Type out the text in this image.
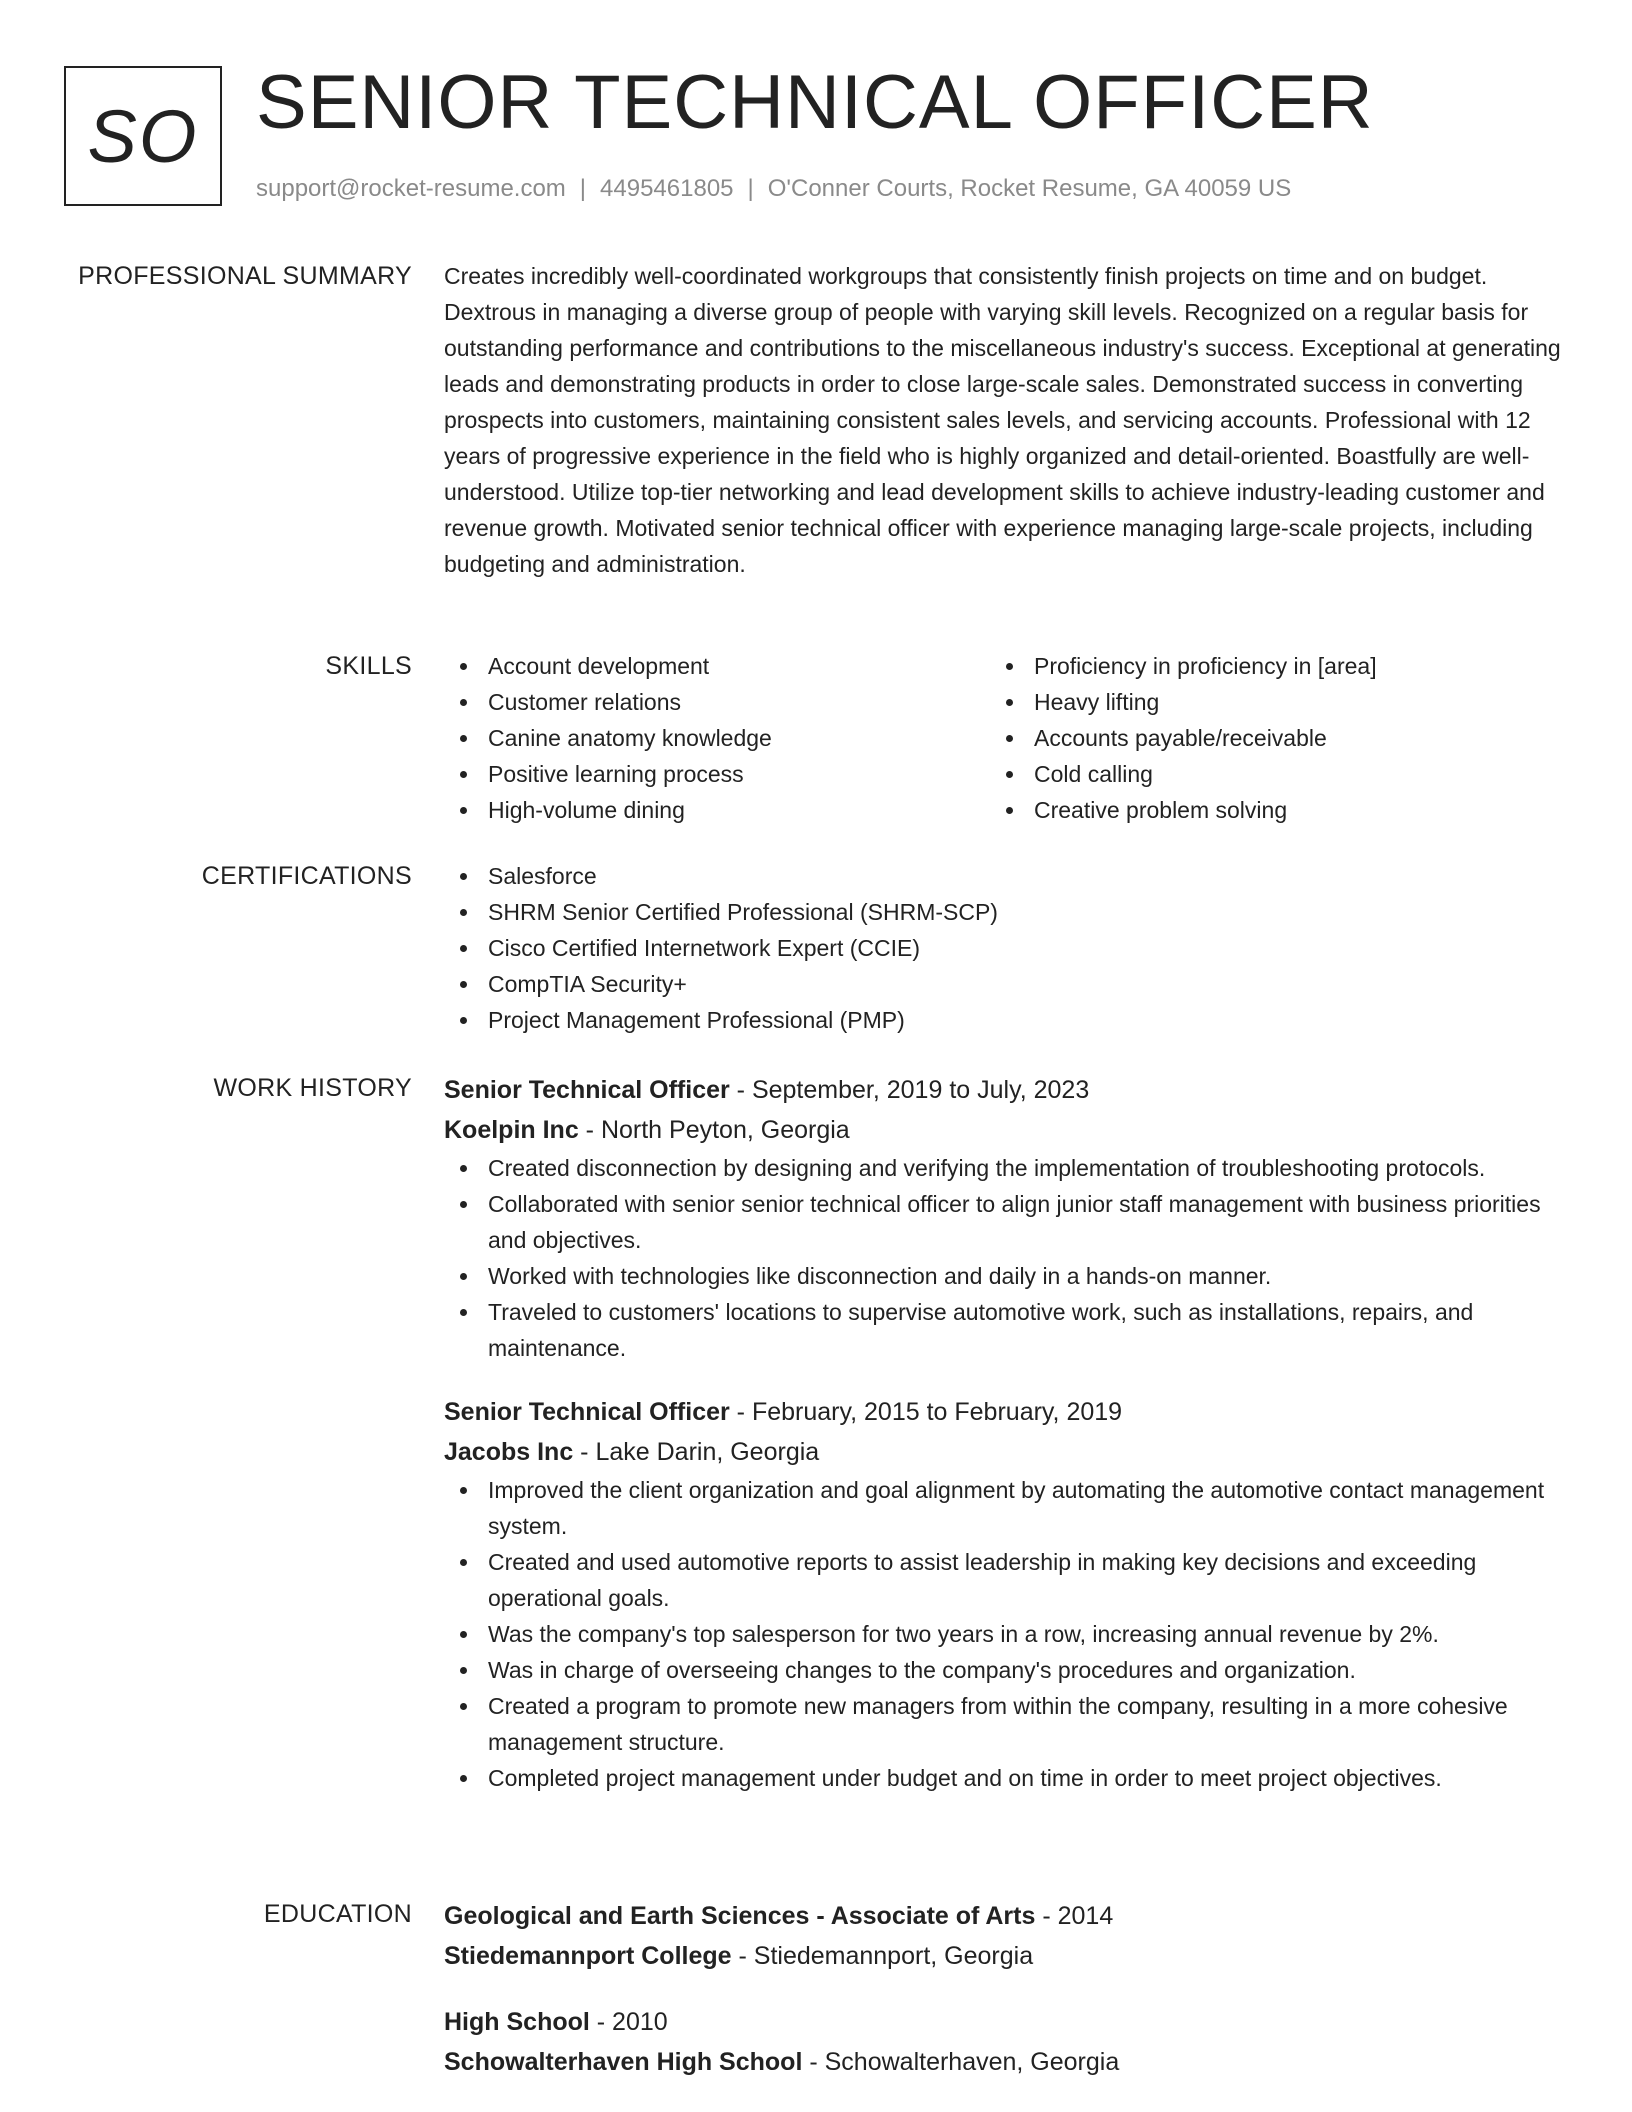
SO SENIOR TECHNICAL OFFICER
support@rocket-resume.com | 4495461805 | O'Conner Courts, Rocket Resume, GA 40059 US
PROFESSIONAL SUMMARY Creates incredibly well-coordinated workgroups that consistently finish projects on time and on budget. Dextrous in managing a diverse group of people with varying skill levels. Recognized on a regular basis for outstanding performance and contributions to the miscellaneous industry's success. Exceptional at generating leads and demonstrating products in order to close large-scale sales. Demonstrated success in converting prospects into customers, maintaining consistent sales levels, and servicing accounts. Professional with 12 years of progressive experience in the field who is highly organized and detail-oriented. Boastfully are well-understood. Utilize top-tier networking and lead development skills to achieve industry-leading customer and revenue growth. Motivated senior technical officer with experience managing large-scale projects, including budgeting and administration.

SKILLS	Account development
Customer relations
Canine anatomy knowledge
Positive learning process
High-volume dining
Proficiency in proficiency in [area]
Heavy lifting
Accounts payable/receivable
Cold calling
Creative problem solving
CERTIFICATIONS	Salesforce
SHRM Senior Certified Professional (SHRM-SCP)
Cisco Certified Internetwork Expert (CCIE)
CompTIA Security+
Project Management Professional (PMP)
WORK HISTORY Senior Technical Officer - September, 2019 to July, 2023
Koelpin Inc - North Peyton, Georgia
Created disconnection by designing and verifying the implementation of troubleshooting protocols.
Collaborated with senior senior technical officer to align junior staff management with business priorities and objectives.
Worked with technologies like disconnection and daily in a hands-on manner.
Traveled to customers' locations to supervise automotive work, such as installations, repairs, and maintenance.
Senior Technical Officer - February, 2015 to February, 2019
Jacobs Inc - Lake Darin, Georgia
Improved the client organization and goal alignment by automating the automotive contact management system.
Created and used automotive reports to assist leadership in making key decisions and exceeding operational goals.
Was the company's top salesperson for two years in a row, increasing annual revenue by 2%.
Was in charge of overseeing changes to the company's procedures and organization.
Created a program to promote new managers from within the company, resulting in a more cohesive management structure.
Completed project management under budget and on time in order to meet project objectives.
EDUCATION Geological and Earth Sciences - Associate of Arts - 2014
Stiedemannport College - Stiedemannport, Georgia
High School - 2010
Schowalterhaven High School - Schowalterhaven, Georgia
